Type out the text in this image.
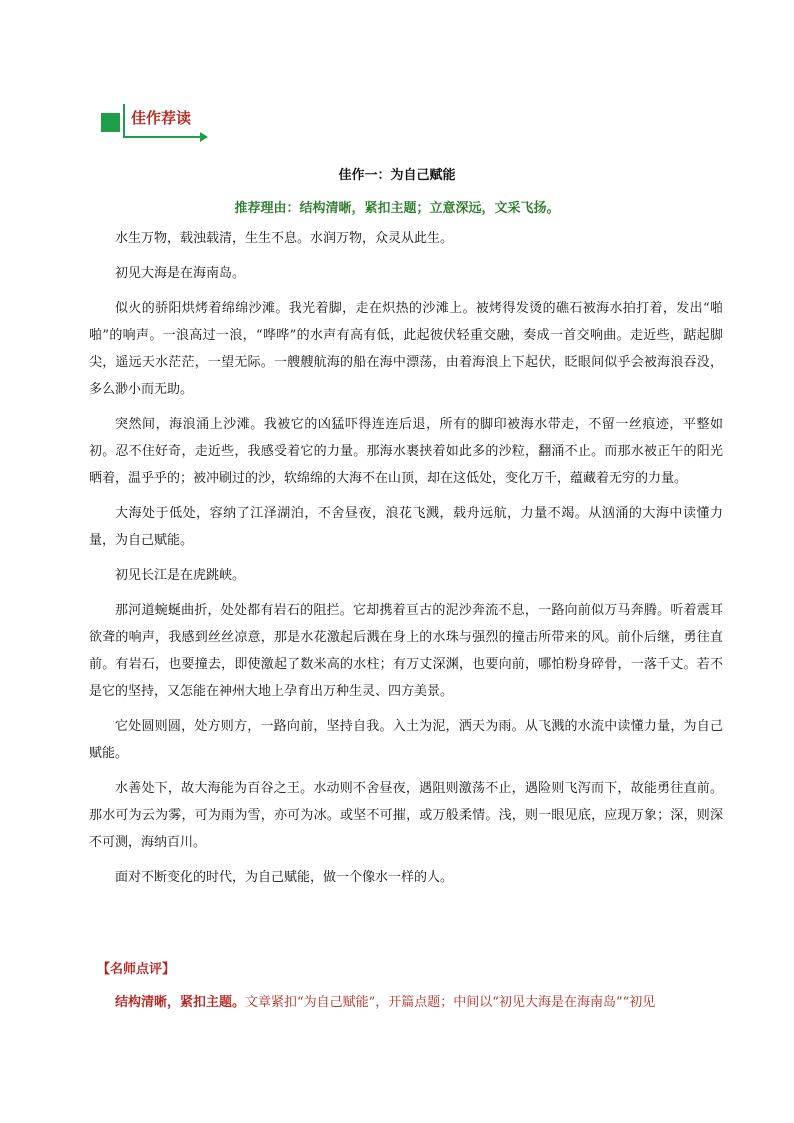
佳作荐读
佳作一：为自己赋能
推荐理由：结构清晰，紧扣主题；立意深远，文采飞扬。

水生万物，载浊载清，生生不息。水润万物，众灵从此生。

初见大海是在海南岛。

似火的骄阳烘烤着绵绵沙滩。我光着脚，走在炽热的沙滩上。被烤得发烫的礁石被海水拍打着，发出“啪啪”的响声。一浪高过一浪，“哗哗”的水声有高有低，此起彼伏轻重交融，奏成一首交响曲。走近些，踮起脚尖，遥远天水茫茫，一望无际。一艘艘航海的船在海中漂荡，由着海浪上下起伏，眨眼间似乎会被海浪吞没，多么渺小而无助。

突然间，海浪涌上沙滩。我被它的凶猛吓得连连后退，所有的脚印被海水带走，不留一丝痕迹，平整如初。忍不住好奇，走近些，我感受着它的力量。那海水裹挟着如此多的沙粒，翻涌不止。而那水被正午的阳光晒着，温乎乎的；被冲刷过的沙，软绵绵的大海不在山顶，却在这低处，变化万千，蕴藏着无穷的力量。

大海处于低处，容纳了江泽湖泊，不舍昼夜，浪花飞溅，载舟远航，力量不竭。从汹涌的大海中读懂力量，为自己赋能。

初见长江是在虎跳峡。

那河道蜿蜒曲折，处处都有岩石的阻拦。它却携着亘古的泥沙奔流不息，一路向前似万马奔腾。听着震耳欲聋的响声，我感到丝丝凉意，那是水花激起后溅在身上的水珠与强烈的撞击所带来的风。前仆后继，勇往直前。有岩石，也要撞去，即使激起了数米高的水柱；有万丈深渊，也要向前，哪怕粉身碎骨，一落千丈。若不是它的坚持，又怎能在神州大地上孕育出万种生灵、四方美景。

它处圆则圆，处方则方，一路向前，坚持自我。入土为泥，洒天为雨。从飞溅的水流中读懂力量，为自己赋能。

水善处下，故大海能为百谷之王。水动则不舍昼夜，遇阻则激荡不止，遇险则飞泻而下，故能勇往直前。那水可为云为雾，可为雨为雪，亦可为冰。或坚不可摧，或万般柔情。浅，则一眼见底，应现万象；深，则深不可测，海纳百川。

面对不断变化的时代，为自己赋能，做一个像水一样的人。

【名师点评】
结构清晰，紧扣主题。文章紧扣“为自己赋能”，开篇点题；中间以“初见大海是在海南岛”“初见
